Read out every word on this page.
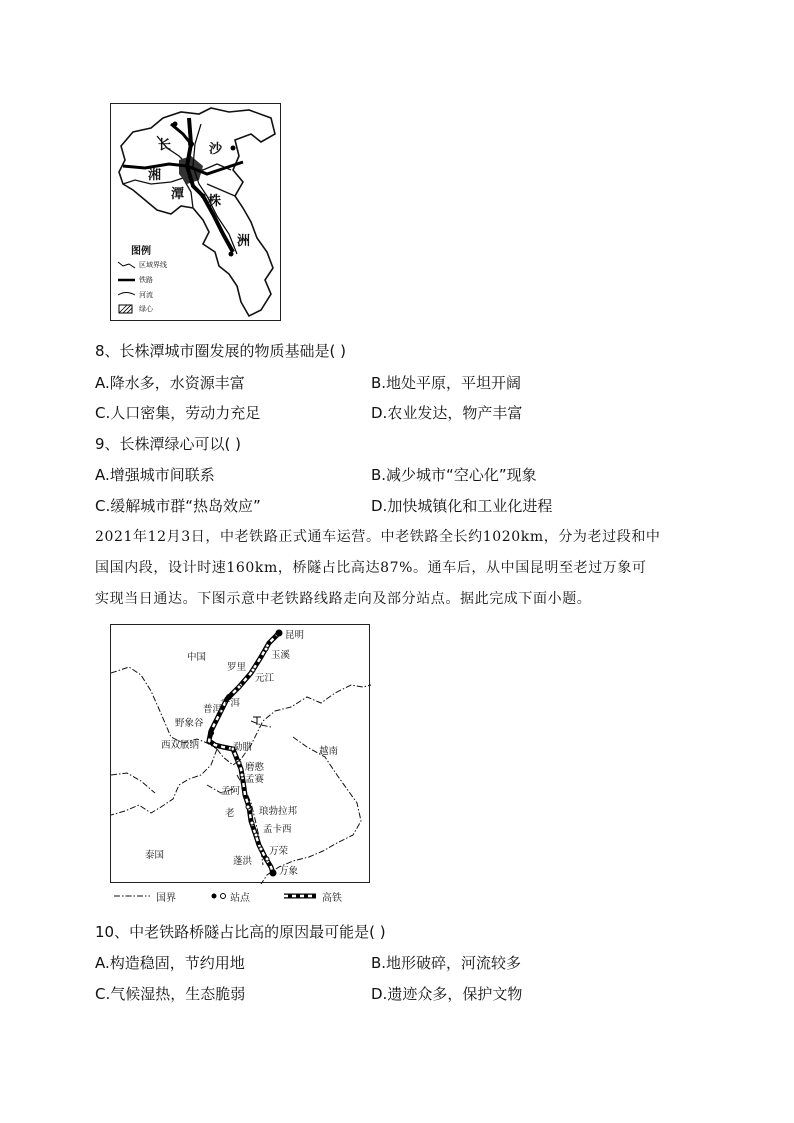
长	沙
湘
潭 株
洲
图例
区域界线
铁路
河流
绿心
8、长株潭城市圈发展的物质基础是( )
A.降水多，水资源丰富	B.地处平原，平坦开阔
C.人口密集，劳动力充足	D.农业发达，物产丰富
9、长株潭绿心可以( )
A.增强城市间联系	B.减少城市“空心化”现象
C.缓解城市群“热岛效应”	D.加快城镇化和工业化进程
2021年12月3日，中老铁路正式通车运营。中老铁路全长约1020km，分为老过段和中
国国内段，设计时速160km，桥隧占比高达87%。通车后，从中国昆明至老过万象可
实现当日通达。下图示意中老铁路线路走向及部分站点。据此完成下面小题。
昆明
中国	玉溪
罗里
元江
宁洱
普洱
野象谷
西双版纳	勐腊	越南
磨憨
孟赛
孟阿
老	琅勃拉邦
孟卡西
泰国	万荣
蓬洪
万象
国界	站点	高铁
10、中老铁路桥隧占比高的原因最可能是( )
A.构造稳固，节约用地	B.地形破碎，河流较多
C.气候湿热，生态脆弱	D.遗迹众多，保护文物
